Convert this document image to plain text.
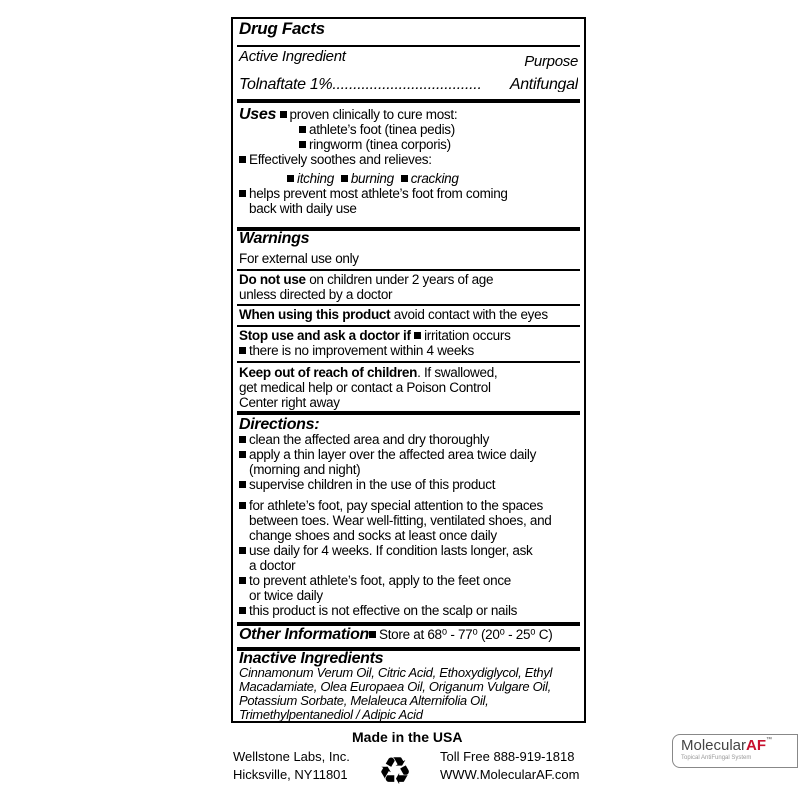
Drug Facts
Active Ingredient	Purpose
Tolnaftate 1%.................................... Antifungal
Uses proven clinically to cure most:
athlete’s foot (tinea pedis)
ringworm (tinea corporis)
Effectively soothes and relieves:
itching burning cracking
helps prevent most athlete’s foot from coming
back with daily use
Warnings
For external use only
Do not use on children under 2 years of age
unless directed by a doctor
When using this product avoid contact with the eyes
Stop use and ask a doctor if irritation occurs
there is no improvement within 4 weeks
Keep out of reach of children. If swallowed,
get medical help or contact a Poison Control
Center right away
Directions:
clean the affected area and dry thoroughly
apply a thin layer over the affected area twice daily
(morning and night)
supervise children in the use of this product
for athlete’s foot, pay special attention to the spaces
between toes. Wear well-fitting, ventilated shoes, and
change shoes and socks at least once daily
use daily for 4 weeks. If condition lasts longer, ask
a doctor
to prevent athlete’s foot, apply to the feet once
or twice daily
this product is not effective on the scalp or nails
Other Information Store at 68⁰ - 77⁰ (20⁰ - 25⁰ C)
Inactive Ingredients
Cinnamonum Verum Oil, Citric Acid, Ethoxydiglycol, Ethyl
Macadamiate, Olea Europaea Oil, Origanum Vulgare Oil,
Potassium Sorbate, Melaleuca Alternifolia Oil,
Trimethylpentanediol / Adipic Acid
Made in the USA
Wellstone Labs, Inc.
Hicksville, NY11801 ♻ Toll Free 888-919-1818
WWW.MolecularAF.com
MolecularAF™
Topical AntiFungal System
